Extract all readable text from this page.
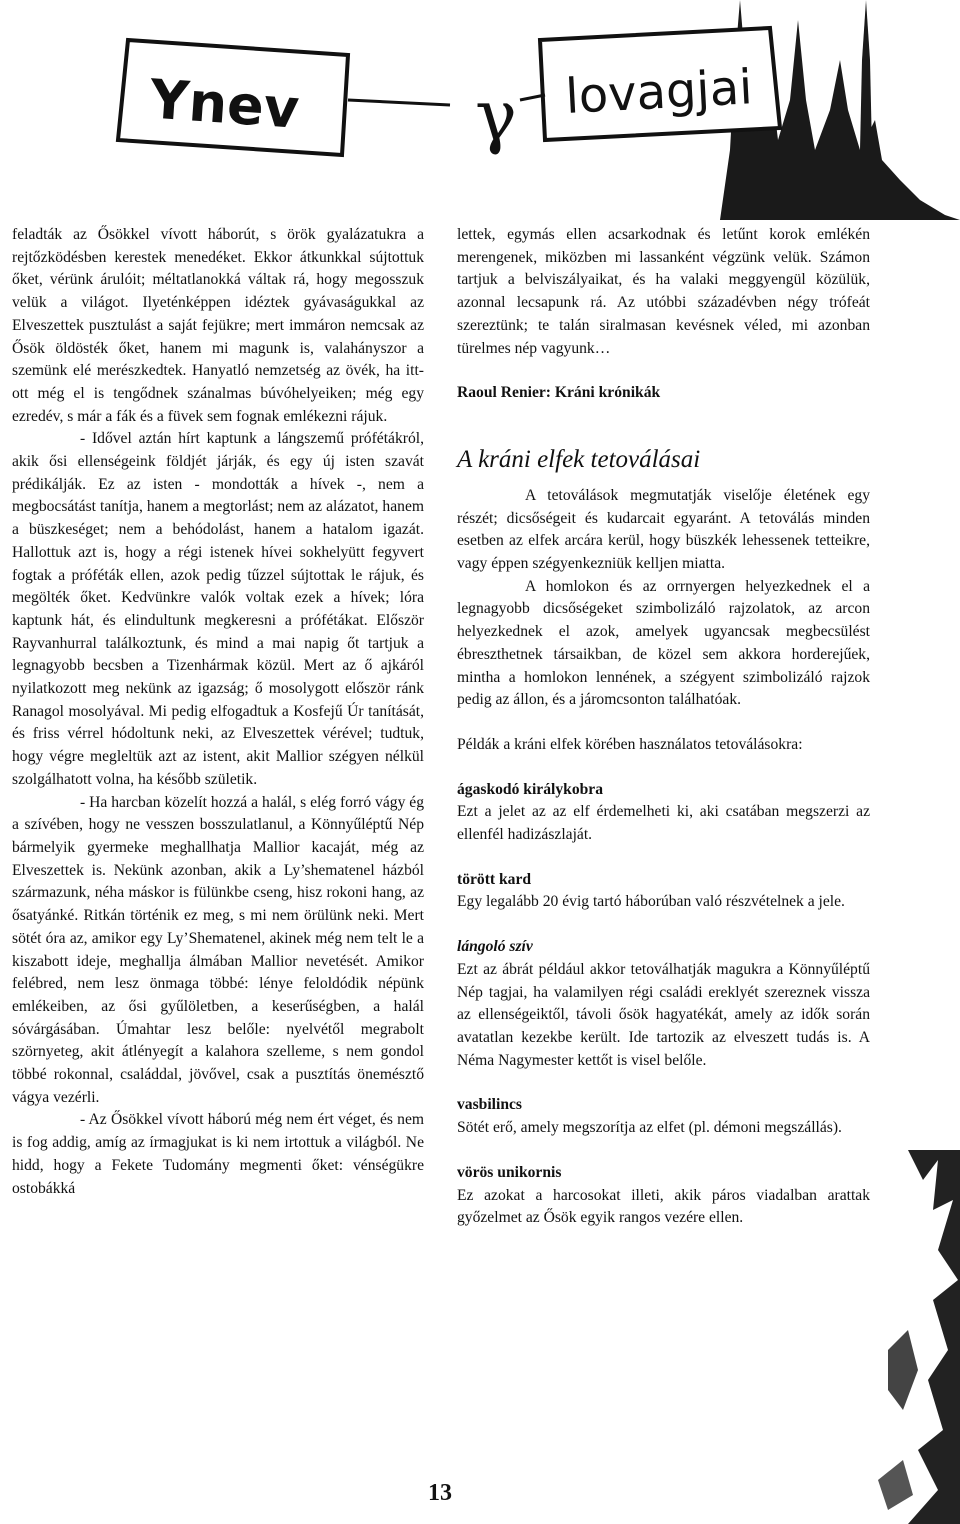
Ynev γ lovagjai

feladták az Ősökkel vívott háborút, s örök gyalázatukra a rejtőzködésben kerestek menedéket. Ekkor átkunkkal sújtottuk őket, vérünk árulóit; méltatlanokká váltak rá, hogy megosszuk velük a világot. Ilyeténképpen idéztek gyávaságukkal az Elveszettek pusztulást a saját fejükre; mert immáron nemcsak az Ősök öldösték őket, hanem mi magunk is, valahányszor a szemünk elé merészkedtek. Hanyatló nemzetség az övék, ha itt-ott még el is tengődnek szánalmas búvóhelyeiken; még egy ezredév, s már a fák és a füvek sem fognak emlékezni rájuk.

- Idővel aztán hírt kaptunk a lángszemű prófétákról, akik ősi ellenségeink földjét járják, és egy új isten szavát prédikálják. Ez az isten - mondották a hívek -, nem a megbocsátást tanítja, hanem a megtorlást; nem az alázatot, hanem a büszkeséget; nem a behódolást, hanem a hatalom igazát. Hallottuk azt is, hogy a régi istenek hívei sokhelyütt fegyvert fogtak a próféták ellen, azok pedig tűzzel sújtottak le rájuk, és megölték őket. Kedvünkre valók voltak ezek a hívek; lóra kaptunk hát, és elindultunk megkeresni a prófétákat. Először Rayvanhurral találkoztunk, és mind a mai napig őt tartjuk a legnagyobb becsben a Tizenhármak közül. Mert az ő ajkáról nyilatkozott meg nekünk az igazság; ő mosolygott először ránk Ranagol mosolyával. Mi pedig elfogadtuk a Kosfejű Úr tanítását, és friss vérrel hódoltunk neki, az Elveszettek vérével; tudtuk, hogy végre megleltük azt az istent, akit Mallior szégyen nélkül szolgálhatott volna, ha később születik.

- Ha harcban közelít hozzá a halál, s elég forró vágy ég a szívében, hogy ne vesszen bosszulatlanul, a Könnyűléptű Nép bármelyik gyermeke meghallhatja Mallior kacaját, még az Elveszettek is. Nekünk azonban, akik a Ly’shematenel házból származunk, néha máskor is fülünkbe cseng, hisz rokoni hang, az ősatyánké. Ritkán történik ez meg, s mi nem örülünk neki. Mert sötét óra az, amikor egy Ly’Shematenel, akinek még nem telt le a kiszabott ideje, meghallja álmában Mallior nevetését. Amikor felébred, nem lesz önmaga többé: lénye feloldódik népünk emlékeiben, az ősi gyűlöletben, a keserűségben, a halál sóvárgásában. Úmahtar lesz belőle: nyelvétől megrabolt szörnyeteg, akit átlényegít a kalahora szelleme, s nem gondol többé rokonnal, családdal, jövővel, csak a pusztítás önemésztő vágya vezérli.

- Az Ősökkel vívott háború még nem ért véget, és nem is fog addig, amíg az írmagjukat is ki nem irtottuk a világból. Ne hidd, hogy a Fekete Tudomány megmenti őket: vénségükre ostobákká

lettek, egymás ellen acsarkodnak és letűnt korok emlékén merengenek, miközben mi lassanként végzünk velük. Számon tartjuk a belviszályaikat, és ha valaki meggyengül közülük, azonnal lecsapunk rá. Az utóbbi századévben négy trófeát szereztünk; te talán siralmasan kevésnek véled, mi azonban türelmes nép vagyunk…

Raoul Renier: Kráni krónikák

A kráni elfek tetoválásai

A tetoválások megmutatják viselője életének egy részét; dicsőségeit és kudarcait egyaránt. A tetoválás minden esetben az elfek arcára kerül, hogy büszkék lehessenek tetteikre, vagy éppen szégyenkezniük kelljen miatta.

A homlokon és az orrnyergen helyezkednek el a legnagyobb dicsőségeket szimbolizáló rajzolatok, az arcon helyezkednek el azok, amelyek ugyancsak megbecsülést ébreszthetnek társaikban, de közel sem akkora horderejűek, mintha a homlokon lennének, a szégyent szimbolizáló rajzok pedig az állon, és a járomcsonton találhatóak.

Példák a kráni elfek körében használatos tetoválásokra:

ágaskodó királykobra

Ezt a jelet az az elf érdemelheti ki, aki csatában megszerzi az ellenfél hadizászlaját.

törött kard

Egy legalább 20 évig tartó háborúban való részvételnek a jele.

lángoló szív

Ezt az ábrát például akkor tetoválhatják magukra a Könnyűléptű Nép tagjai, ha valamilyen régi családi ereklyét szereznek vissza az ellenségeiktől, távoli ősök hagyatékát, amely az idők során avatatlan kezekbe került. Ide tartozik az elveszett tudás is. A Néma Nagymester kettőt is visel belőle.

vasbilincs

Sötét erő, amely megszorítja az elfet (pl. démoni megszállás).

vörös unikornis

Ez azokat a harcosokat illeti, akik páros viadalban arattak győzelmet az Ősök egyik rangos vezére ellen.

13
